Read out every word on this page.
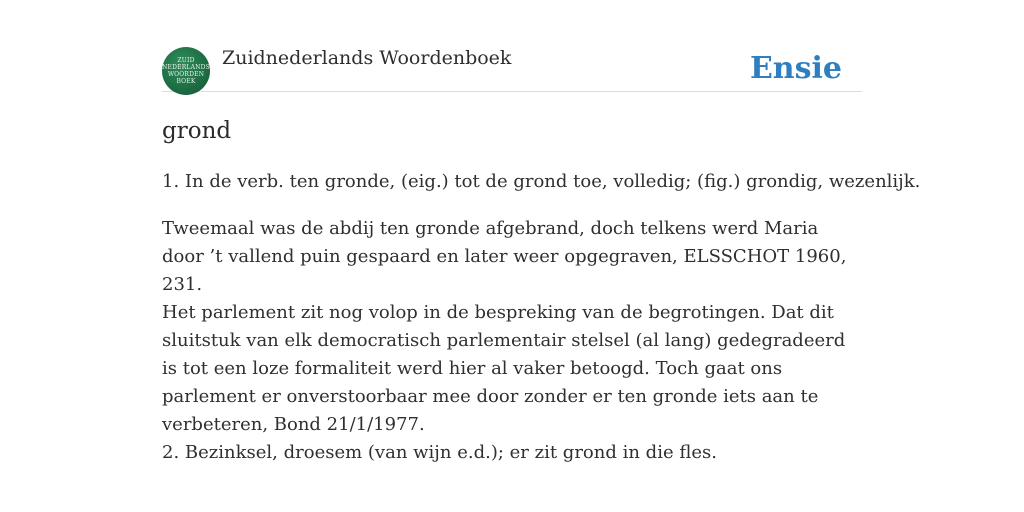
ZUID
NEDERLANDS
WOORDEN
BOEK
Zuidnederlands Woordenboek	Ensie
grond

1. In de verb. ten gronde, (eig.) tot de grond toe, volledig; (fig.) grondig, wezenlijk.

Tweemaal was de abdij ten gronde afgebrand, doch telkens werd Maria door ’t vallend puin gespaard en later weer opgegraven, ELSSCHOT 1960, 231.

Het parlement zit nog volop in de bespreking van de begrotingen. Dat dit sluitstuk van elk democratisch parlementair stelsel (al lang) gedegradeerd is tot een loze formaliteit werd hier al vaker betoogd. Toch gaat ons parlement er onverstoorbaar mee door zonder er ten gronde iets aan te verbeteren, Bond 21/1/1977.

2. Bezinksel, droesem (van wijn e.d.); er zit grond in die fles.
